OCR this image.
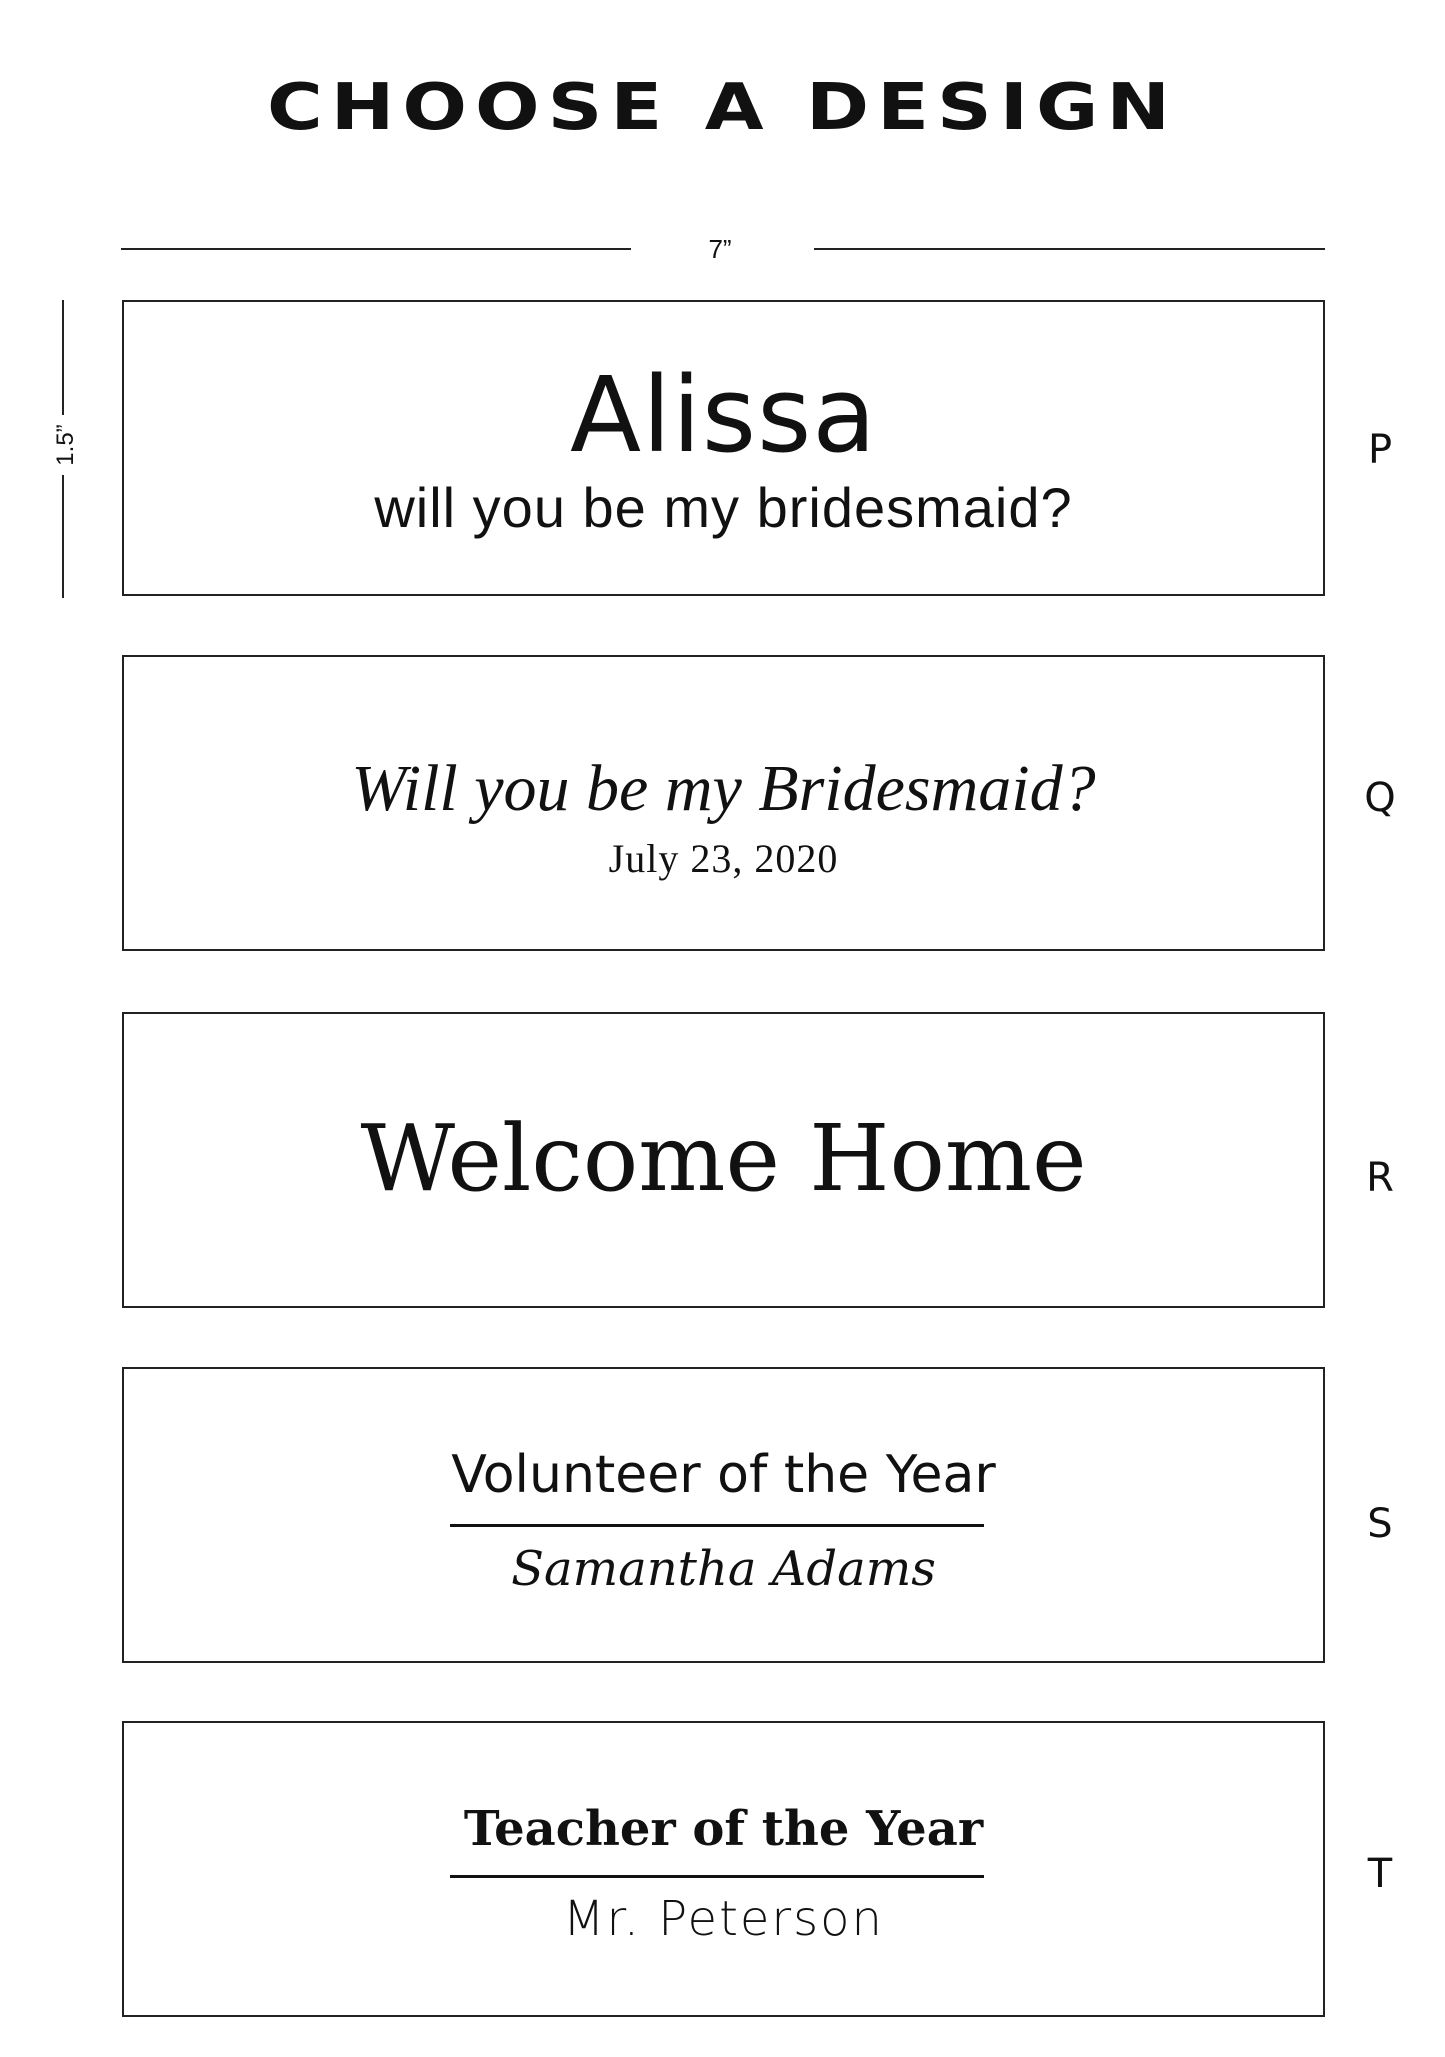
CHOOSE A DESIGN
7”
1.5”	Alissa
will you be my bridesmaid?
P
Will you be my Bridesmaid?
July 23, 2020
Q
Welcome Home	R
Volunteer of the Year
Samantha Adams
S
Teacher of the Year
Mr. Peterson
T
